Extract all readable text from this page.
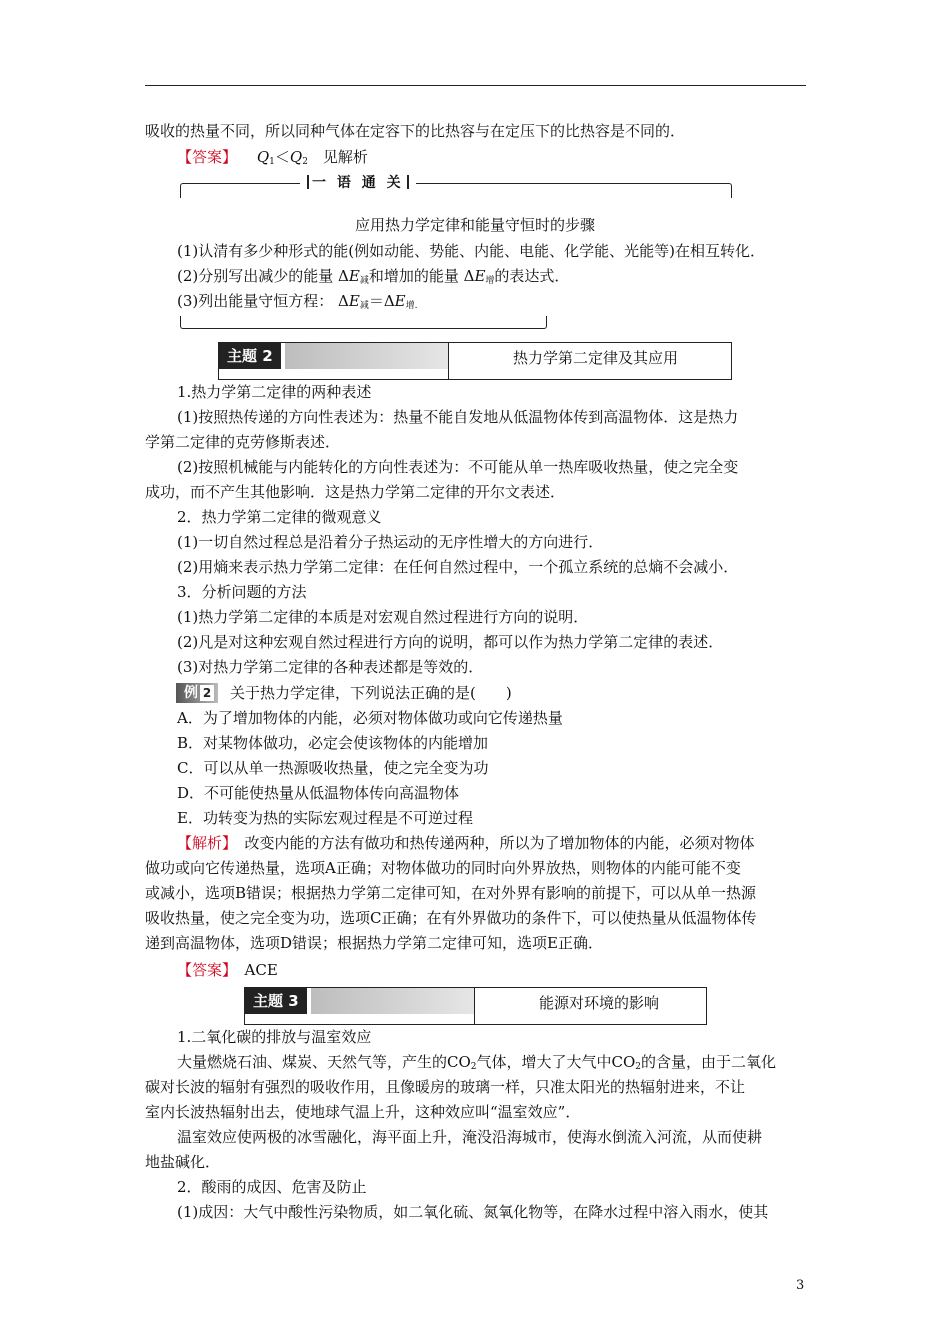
吸收的热量不同，所以同种气体在定容下的比热容与在定压下的比热容是不同的．
【答案】 　 $Q_1<Q_2$　见解析
一 语 通 关
应用热力学定律和能量守恒时的步骤
(1)认清有多少种形式的能(例如动能、势能、内能、电能、化学能、光能等)在相互转化．
(2)分别写出减少的能量 $\Delta E_减$和增加的能量 $\Delta E_增$的表达式．
(3)列出能量守恒方程： $\Delta E_减=\Delta E_{增.}$
主题 2	热力学第二定律及其应用
1.热力学第二定律的两种表述
(1)按照热传递的方向性表述为：热量不能自发地从低温物体传到高温物体．这是热力
学第二定律的克劳修斯表述．
(2)按照机械能与内能转化的方向性表述为：不可能从单一热库吸收热量，使之完全变
成功，而不产生其他影响．这是热力学第二定律的开尔文表述．
2．热力学第二定律的微观意义
(1)一切自然过程总是沿着分子热运动的无序性增大的方向进行．
(2)用熵来表示热力学第二定律：在任何自然过程中，一个孤立系统的总熵不会减小．
3．分析问题的方法
(1)热力学第二定律的本质是对宏观自然过程进行方向的说明．
(2)凡是对这种宏观自然过程进行方向的说明，都可以作为热力学第二定律的表述．
(3)对热力学第二定律的各种表述都是等效的．
例 2	关于热力学定律，下列说法正确的是(　　)
A．为了增加物体的内能，必须对物体做功或向它传递热量
B．对某物体做功，必定会使该物体的内能增加
C．可以从单一热源吸收热量，使之完全变为功
D．不可能使热量从低温物体传向高温物体
E．功转变为热的实际宏观过程是不可逆过程
【解析】　改变内能的方法有做功和热传递两种，所以为了增加物体的内能，必须对物体
做功或向它传递热量，选项A正确；对物体做功的同时向外界放热，则物体的内能可能不变
或减小，选项B错误；根据热力学第二定律可知，在对外界有影响的前提下，可以从单一热源
吸收热量，使之完全变为功，选项C正确；在有外界做功的条件下，可以使热量从低温物体传
递到高温物体，选项D错误；根据热力学第二定律可知，选项E正确．
【答案】　ACE
主题 3	能源对环境的影响
1.二氧化碳的排放与温室效应
大量燃烧石油、煤炭、天然气等，产生的$CO_2$气体，增大了大气中$CO_2$的含量，由于二氧化
碳对长波的辐射有强烈的吸收作用，且像暖房的玻璃一样，只准太阳光的热辐射进来，不让
室内长波热辐射出去，使地球气温上升，这种效应叫“温室效应”．
温室效应使两极的冰雪融化，海平面上升，淹没沿海城市，使海水倒流入河流，从而使耕
地盐碱化．
2．酸雨的成因、危害及防止
(1)成因：大气中酸性污染物质，如二氧化硫、氮氧化物等，在降水过程中溶入雨水，使其
3
